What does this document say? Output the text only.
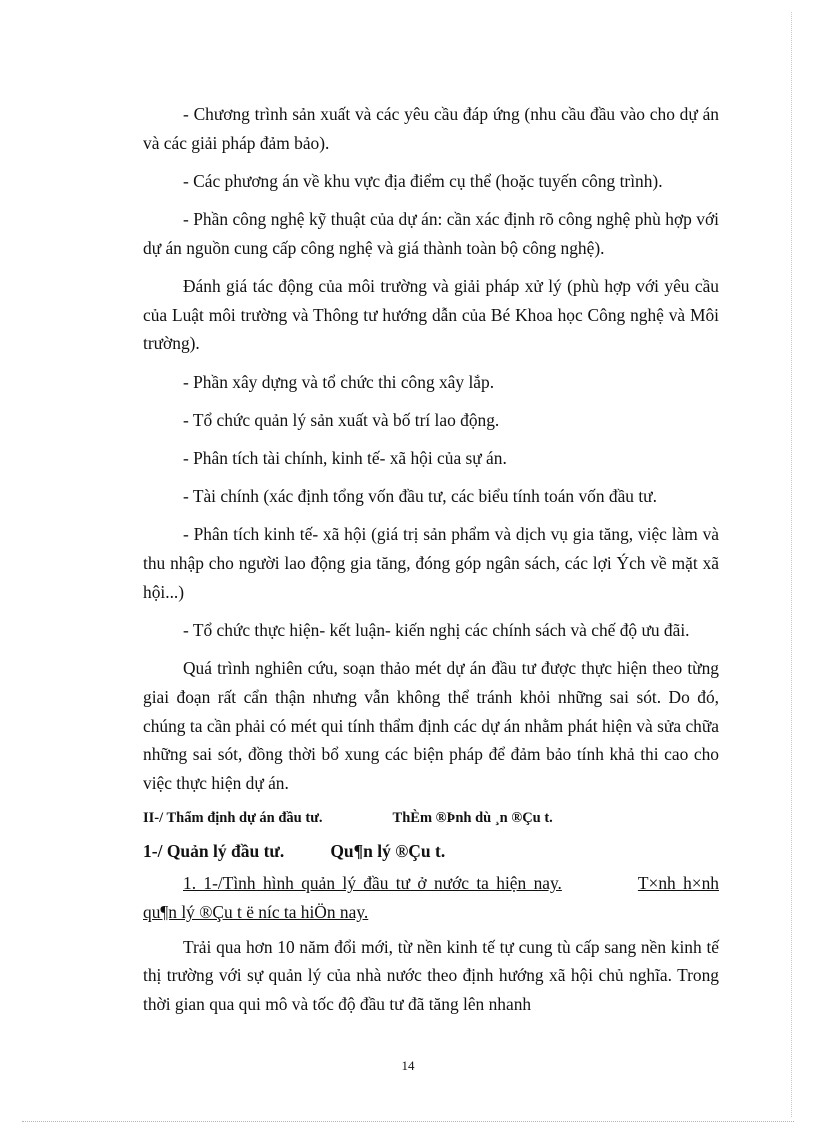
- Chương trình sản xuất và các yêu cầu đáp ứng (nhu cầu đầu vào cho dự án và các giải pháp đảm bảo).

- Các phương án về khu vực địa điểm cụ thể (hoặc tuyến công trình).

- Phần công nghệ kỹ thuật của dự án: cần xác định rõ công nghệ phù hợp với dự án nguồn cung cấp công nghệ và giá thành toàn bộ công nghệ).

Đánh giá tác động của môi trường và giải pháp xử lý (phù hợp với yêu cầu của Luật môi trường và Thông tư hướng dẫn của Bé Khoa học Công nghệ và Môi trường).

- Phần xây dựng và tổ chức thi công xây lắp.

- Tổ chức quản lý sản xuất và bố trí lao động.

- Phân tích tài chính, kinh tế- xã hội của sự án.

- Tài chính (xác định tổng vốn đầu tư, các biểu tính toán vốn đầu tư.

- Phân tích kinh tế- xã hội (giá trị sản phẩm và dịch vụ gia tăng, việc làm và thu nhập cho người lao động gia tăng, đóng góp ngân sách, các lợi Ých về mặt xã hội...)

- Tổ chức thực hiện- kết luận- kiến nghị các chính sách và chế độ ưu đãi.

Quá trình nghiên cứu, soạn thảo mét dự án đầu tư được thực hiện theo từng giai đoạn rất cẩn thận nhưng vẫn không thể tránh khỏi những sai sót. Do đó, chúng ta cần phải có mét qui tính thẩm định các dự án nhằm phát hiện và sửa chữa những sai sót, đồng thời bổ xung các biện pháp để đảm bảo tính khả thi cao cho việc thực hiện dự án.

II-/ Thẩm định dự án đầu tư.	ThÈm ®Þnh dù ¸n ®Çu t.

1-/ Quản lý đầu tư.	Qu¶n lý ®Çu t.

1. 1-/Tình hình quản lý đầu tư ở nước ta hiện nay.	T×nh h×nh qu¶n lý ®Çu t ë níc ta hiÖn nay.

Trải qua hơn 10 năm đổi mới, từ nền kinh tế tự cung tù cấp sang nền kinh tế thị trường với sự quản lý của nhà nước theo định hướng xã hội chủ nghĩa. Trong thời gian qua qui mô và tốc độ đầu tư đã tăng lên nhanh

14
